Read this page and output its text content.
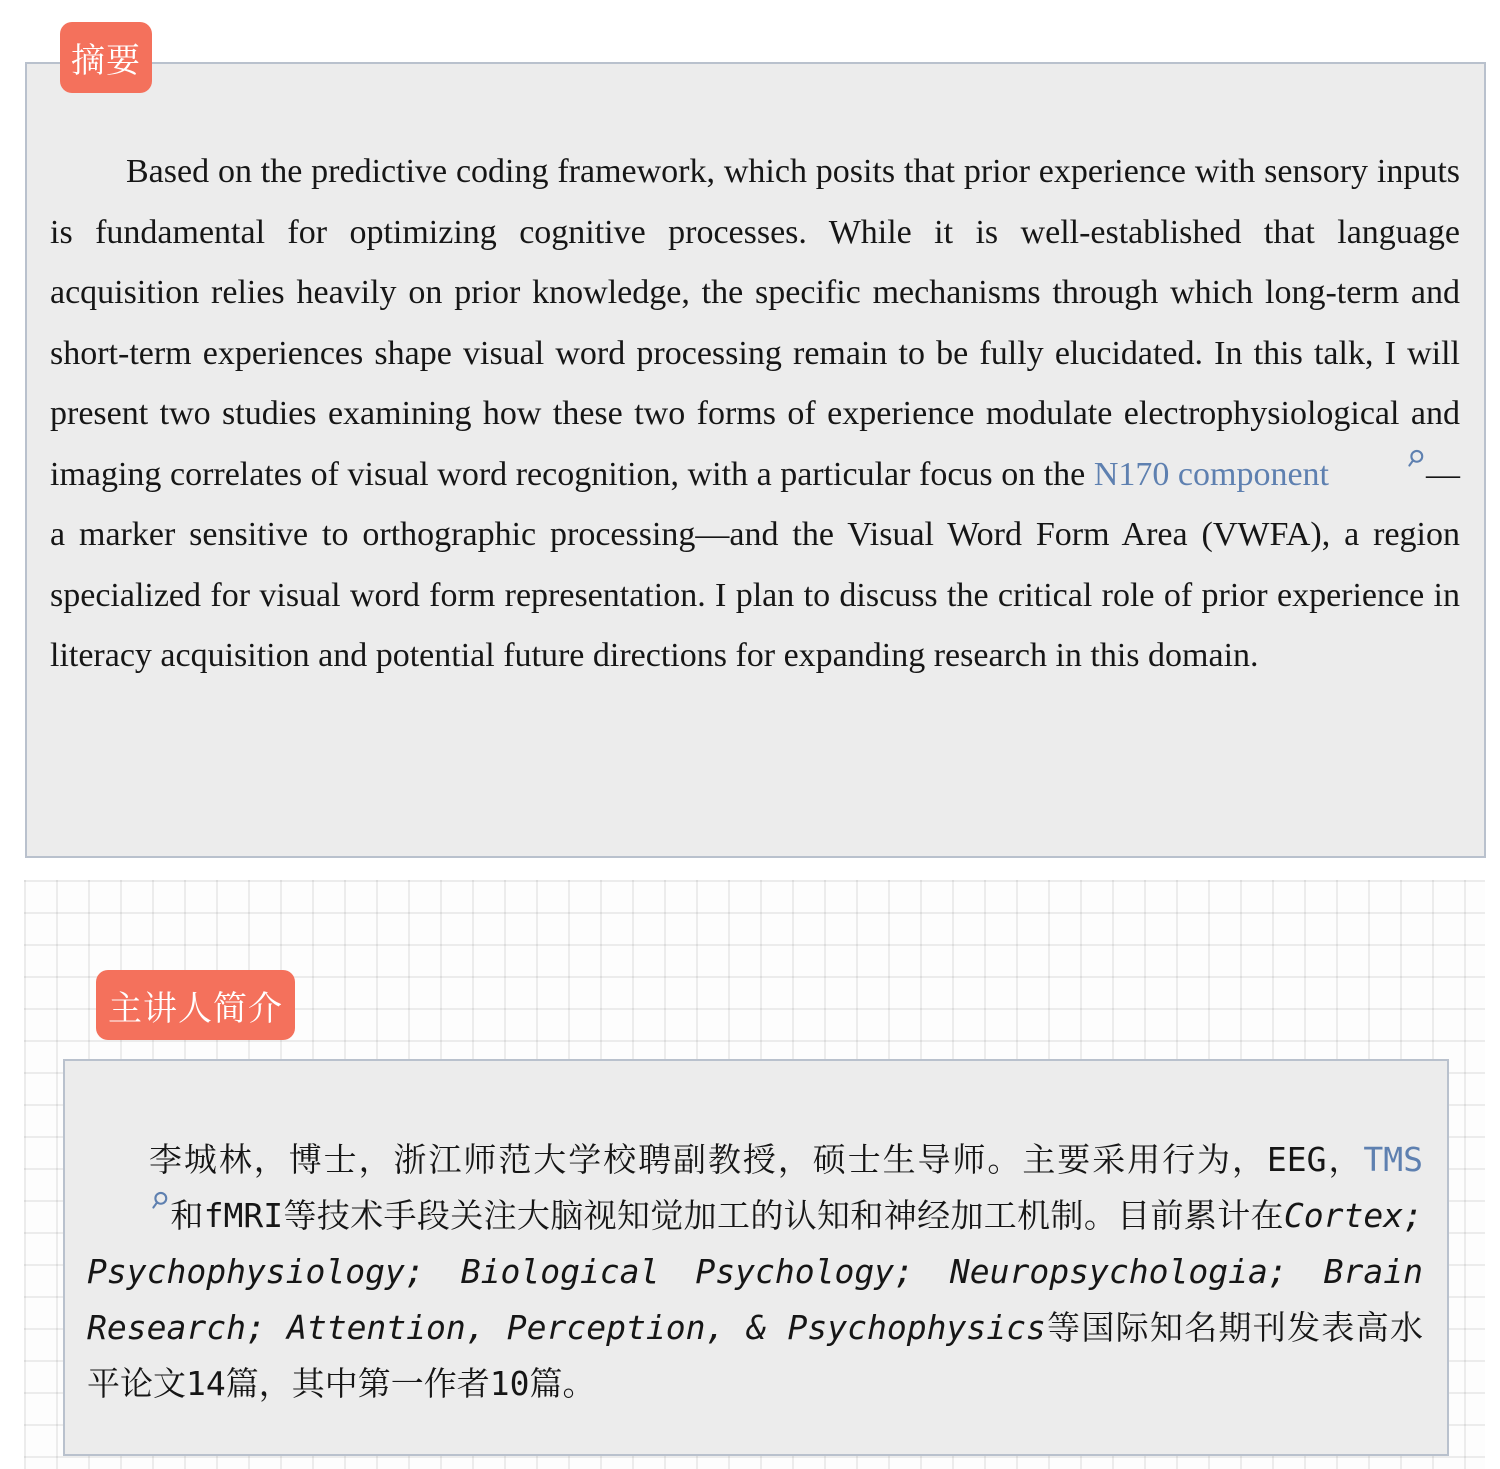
摘要

Based on the predictive coding framework, which posits that prior experience with sensory inputs is fundamental for optimizing cognitive processes. While it is well-established that language acquisition relies heavily on prior knowledge, the specific mechanisms through which long-term and short-term experiences shape visual word processing remain to be fully elucidated. In this talk, I will present two studies examining how these two forms of experience modulate electrophysiological and imaging correlates of visual word recognition, with a particular focus on the N170 component	—a marker sensitive to orthographic processing—and the Visual Word Form Area (VWFA), a region specialized for visual word form representation. I plan to discuss the critical role of prior experience in literacy acquisition and potential future directions for expanding research in this domain.

主讲人简介

李城林，博士，浙江师范大学校聘副教授，硕士生导师。主要采用行为，EEG，TMS和fMRI等技术手段关注大脑视知觉加工的认知和神经加工机制。目前累计在Cortex; Psychophysiology; Biological Psychology; Neuropsychologia; Brain Research; Attention, Perception, & Psychophysics等国际知名期刊发表高水平论文14篇，其中第一作者10篇。
